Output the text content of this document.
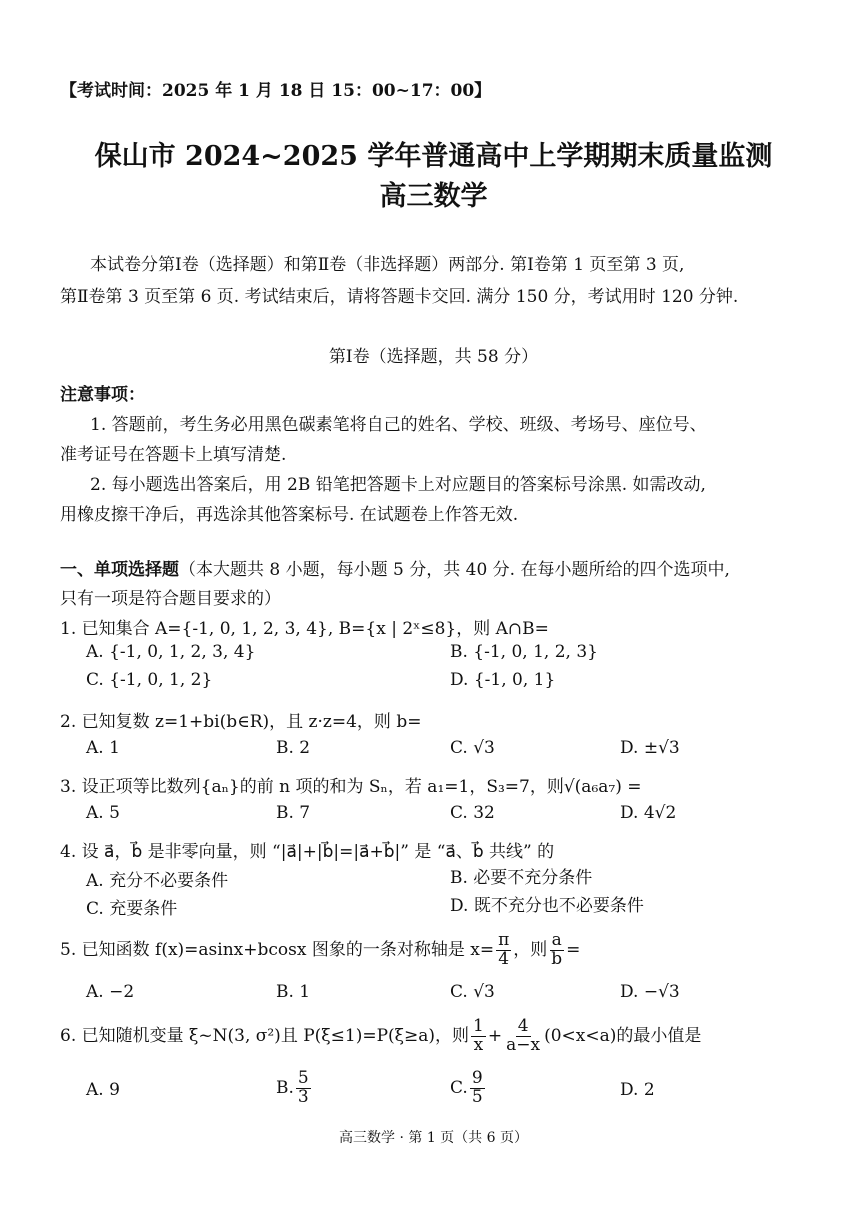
【考试时间：2025 年 1 月 18 日 15：00~17：00】
保山市 2024~2025 学年普通高中上学期期末质量监测
高三数学
本试卷分第Ⅰ卷（选择题）和第Ⅱ卷（非选择题）两部分. 第Ⅰ卷第 1 页至第 3 页,
第Ⅱ卷第 3 页至第 6 页. 考试结束后，请将答题卡交回. 满分 150 分，考试用时 120 分钟.
第Ⅰ卷（选择题，共 58 分）
注意事项：
1. 答题前，考生务必用黑色碳素笔将自己的姓名、学校、班级、考场号、座位号、
准考证号在答题卡上填写清楚.
2. 每小题选出答案后，用 2B 铅笔把答题卡上对应题目的答案标号涂黑. 如需改动,
用橡皮擦干净后，再选涂其他答案标号. 在试题卷上作答无效.
一、单项选择题（本大题共 8 小题，每小题 5 分，共 40 分. 在每小题所给的四个选项中,
只有一项是符合题目要求的）
1. 已知集合 A={-1, 0, 1, 2, 3, 4}, B={x | 2ˣ≤8}，则 A∩B=
A. {-1, 0, 1, 2, 3, 4}	B. {-1, 0, 1, 2, 3}
C. {-1, 0, 1, 2}	D. {-1, 0, 1}
2. 已知复数 z=1+bi(b∈R)，且 z·z=4，则 b=
A. 1	B. 2	C. √3	D. ±√3
3. 设正项等比数列{aₙ}的前 n 项的和为 Sₙ，若 a₁=1，S₃=7，则√(a₆a₇) =
A. 5	B. 7	C. 32	D. 4√2
4. 设 a⃗，b⃗ 是非零向量，则 “|a⃗|+|b⃗|=|a⃗+b⃗|” 是 “a⃗、b⃗ 共线” 的
A. 充分不必要条件	B. 必要不充分条件
C. 充要条件	D. 既不充分也不必要条件
5. 已知函数 f(x)=asinx+bcosx 图象的一条对称轴是 $x= \frac{\pi}{4}$ ，则 $\frac{a}{b}$ =
A. −2	B. 1	C. √3	D. −√3
6. 已知随机变量 ξ~N(3, σ²)且 P(ξ≤1)=P(ξ≥a)，则 $\frac{1}{x} + \frac{4}{a-x} (0<x<a)$的最小值是
A. 9	B. $\frac{5}{3}$	C. $\frac{9}{5}$	D. 2
高三数学 · 第 1 页（共 6 页）
